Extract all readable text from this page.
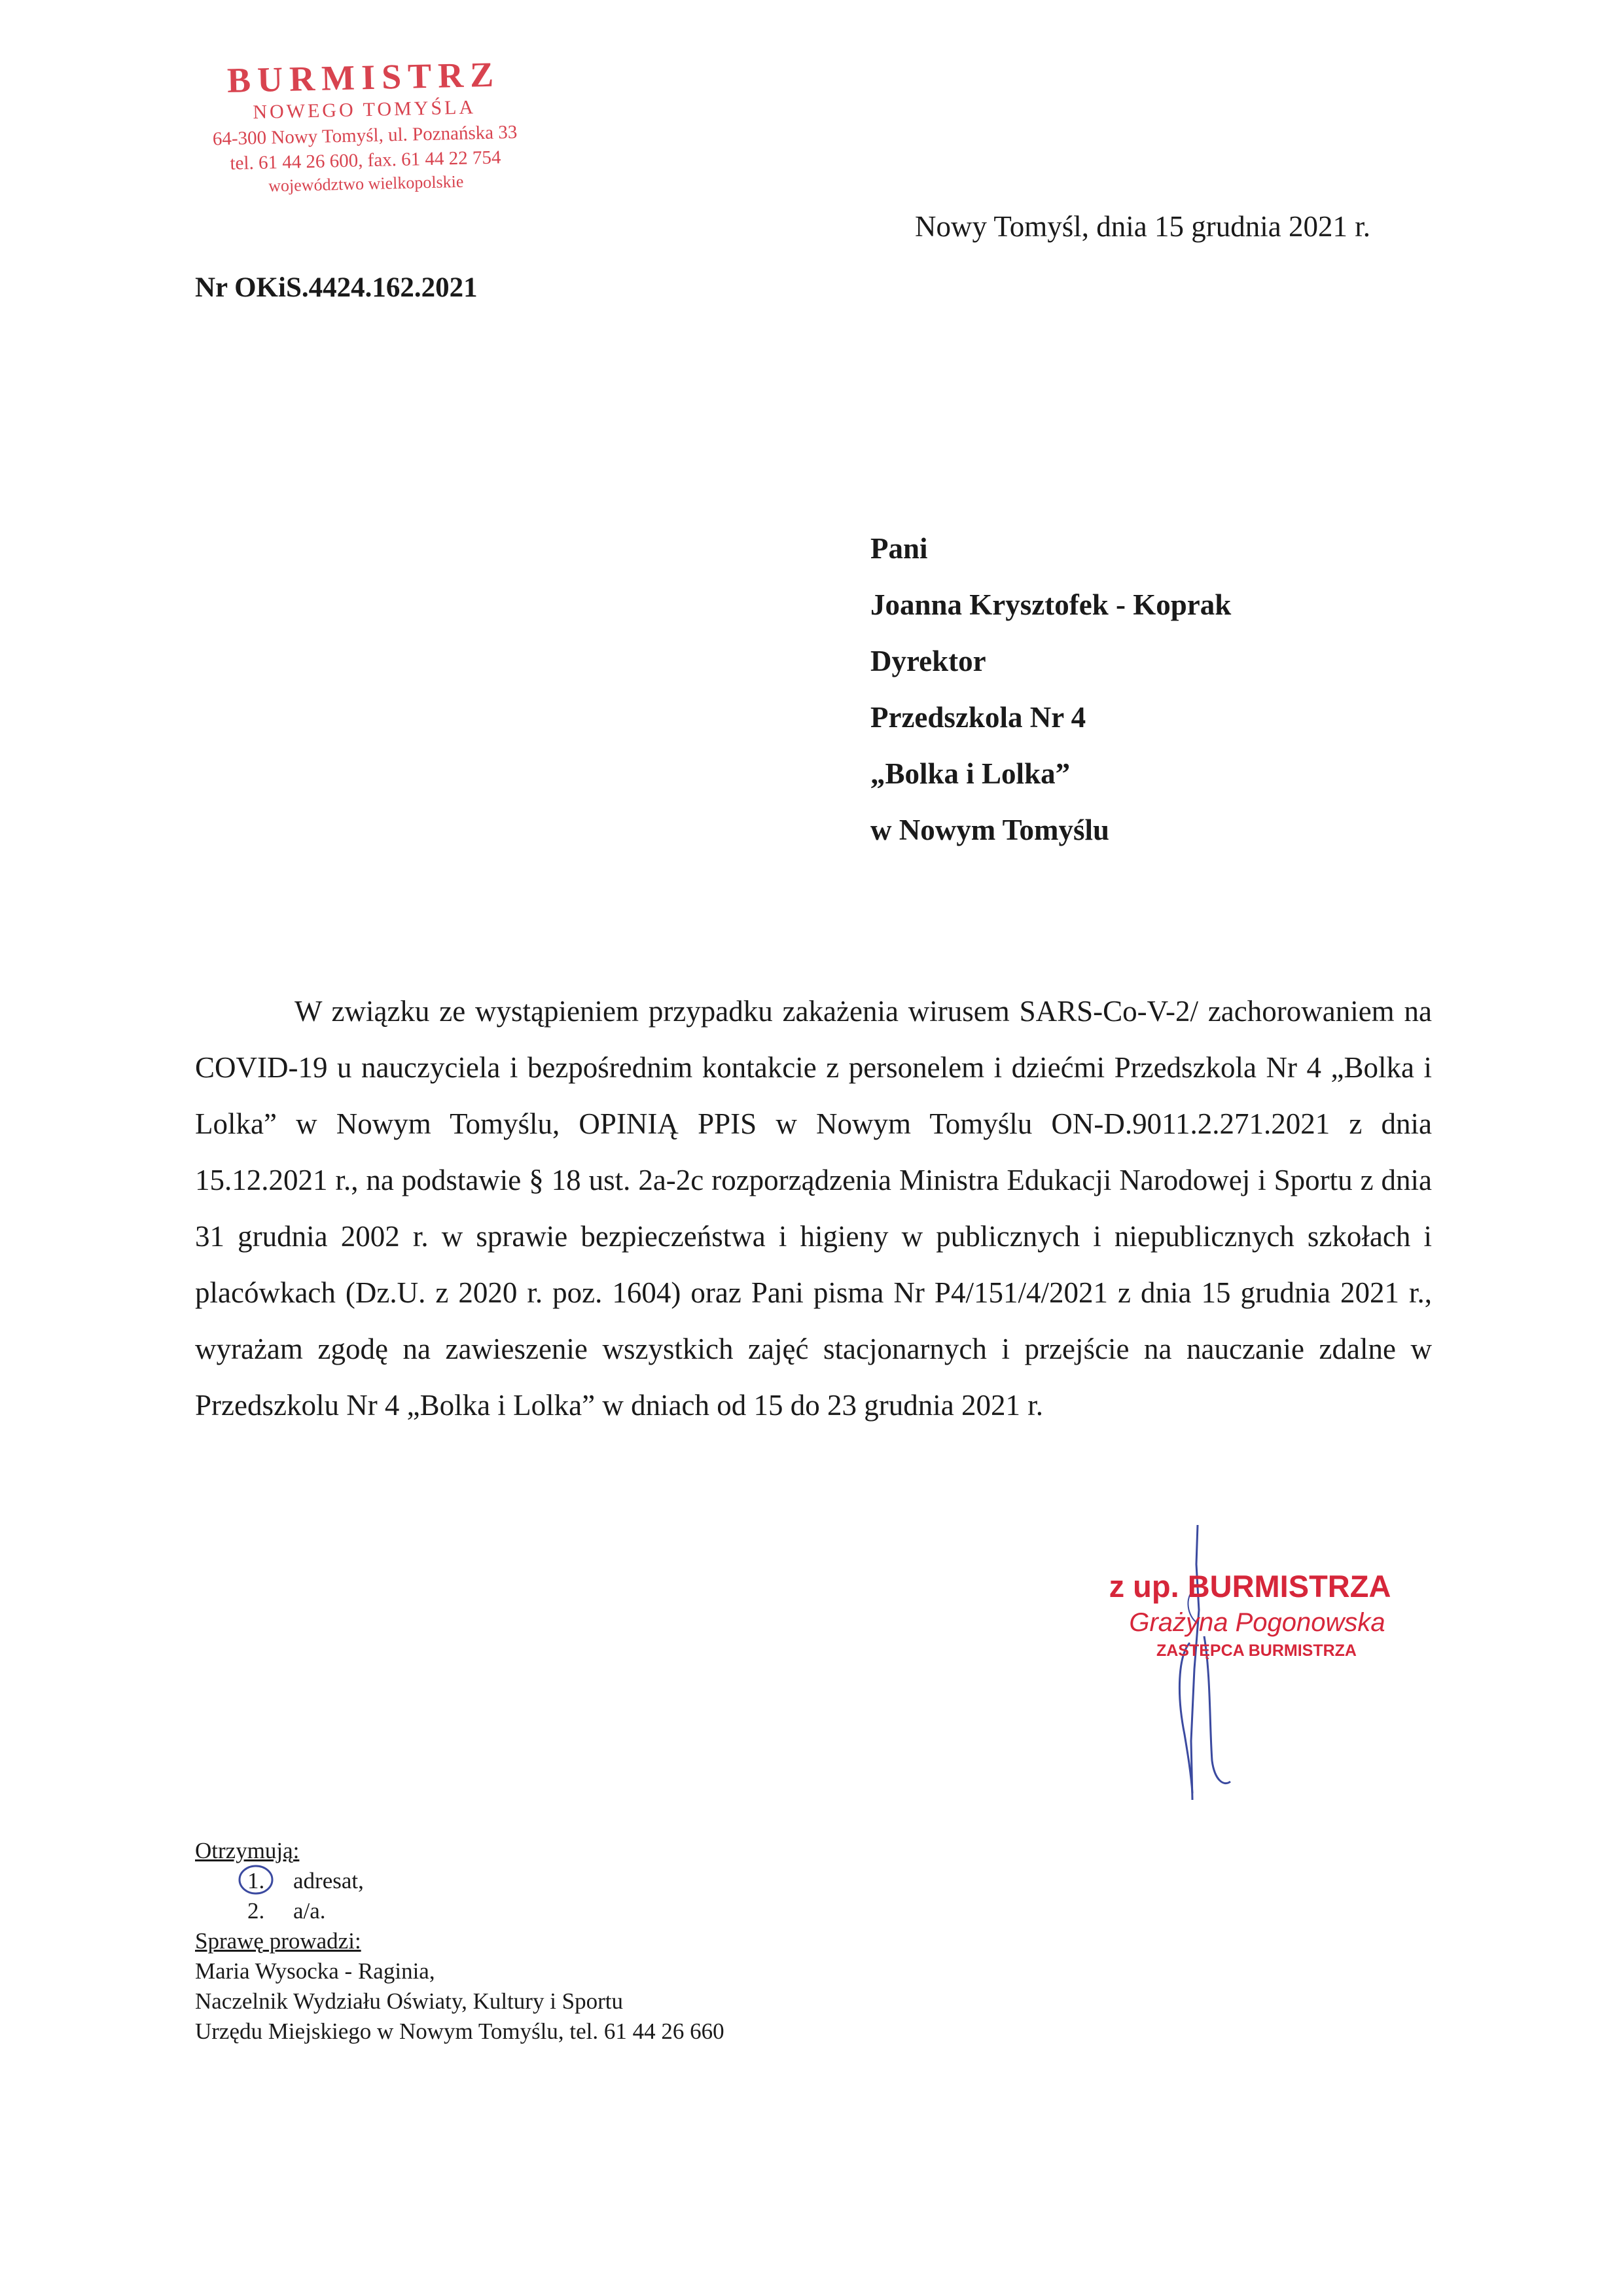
BURMISTRZ
NOWEGO TOMYŚLA
64-300 Nowy Tomyśl, ul. Poznańska 33
tel. 61 44 26 600, fax. 61 44 22 754
województwo wielkopolskie
Nowy Tomyśl, dnia 15 grudnia 2021 r.
Nr OKiS.4424.162.2021
Pani
Joanna Krysztofek - Koprak
Dyrektor
Przedszkola Nr 4
„Bolka i Lolka”
w Nowym Tomyślu

W związku ze wystąpieniem przypadku zakażenia wirusem SARS-Co-V-2/ zachorowaniem na COVID-19 u nauczyciela i bezpośrednim kontakcie z personelem i dziećmi Przedszkola Nr 4 „Bolka i Lolka” w Nowym Tomyślu, OPINIĄ PPIS w Nowym Tomyślu ON-D.9011.2.271.2021 z dnia 15.12.2021 r., na podstawie § 18 ust. 2a-2c rozporządzenia Ministra Edukacji Narodowej i Sportu z dnia 31 grudnia 2002 r. w sprawie bezpieczeństwa i higieny w publicznych i niepublicznych szkołach i placówkach (Dz.U. z 2020 r. poz. 1604) oraz Pani pisma Nr P4/151/4/2021 z dnia 15 grudnia 2021 r., wyrażam zgodę na zawieszenie wszystkich zajęć stacjonarnych i przejście na nauczanie zdalne w Przedszkolu Nr 4 „Bolka i Lolka” w dniach od 15 do 23 grudnia 2021 r.

z up. BURMISTRZA
Grażyna Pogonowska
ZASTĘPCA BURMISTRZA
Otrzymują:
1.	adresat,
2.	a/a.
Sprawę prowadzi:
Maria Wysocka - Raginia,
Naczelnik Wydziału Oświaty, Kultury i Sportu
Urzędu Miejskiego w Nowym Tomyślu, tel. 61 44 26 660
